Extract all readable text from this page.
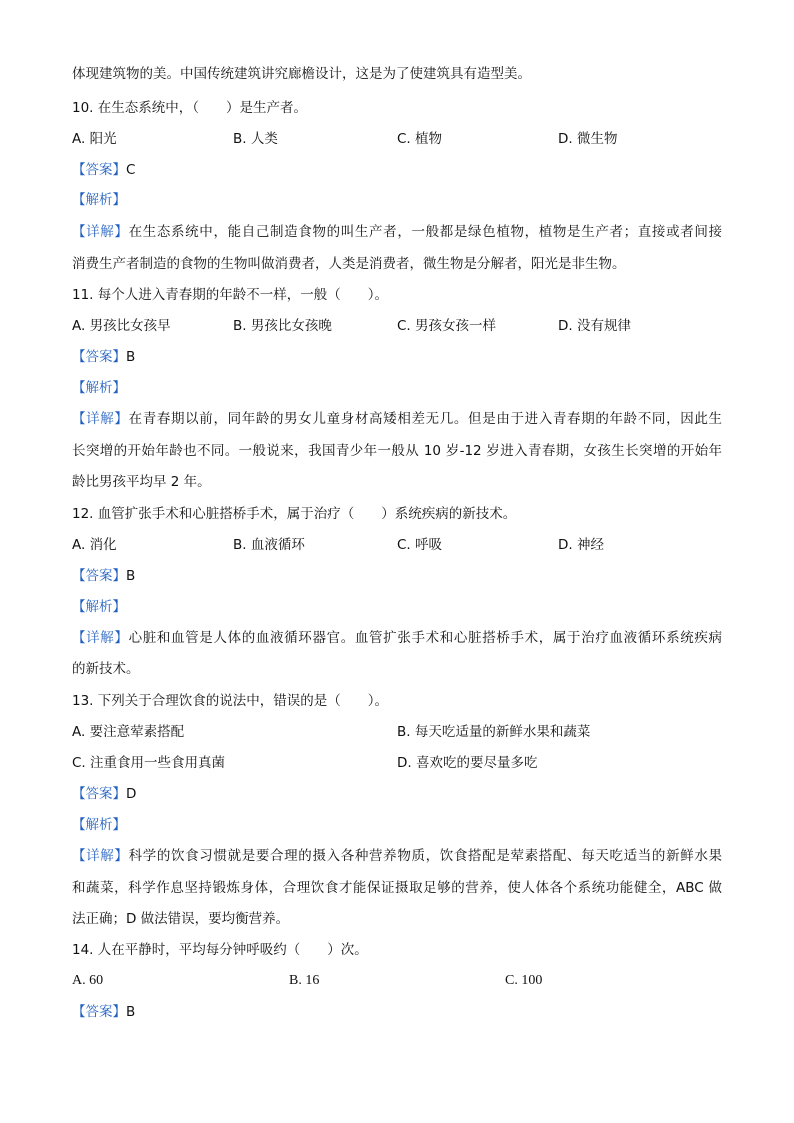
体现建筑物的美。中国传统建筑讲究廊檐设计，这是为了使建筑具有造型美。
10. 在生态系统中，（　　）是生产者。
A. 阳光	B. 人类	C. 植物	D. 微生物
【答案】C
【解析】
【详解】在生态系统中，能自己制造食物的叫生产者，一般都是绿色植物，植物是生产者；直接或者间接
消费生产者制造的食物的生物叫做消费者，人类是消费者，微生物是分解者，阳光是非生物。
11. 每个人进入青春期的年龄不一样，一般（　　）。
A. 男孩比女孩早	B. 男孩比女孩晚	C. 男孩女孩一样	D. 没有规律
【答案】B
【解析】
【详解】在青春期以前，同年龄的男女儿童身材高矮相差无几。但是由于进入青春期的年龄不同，因此生
长突增的开始年龄也不同。一般说来，我国青少年一般从 10 岁-12 岁进入青春期，女孩生长突增的开始年
龄比男孩平均早 2 年。
12. 血管扩张手术和心脏搭桥手术，属于治疗（　　）系统疾病的新技术。
A. 消化	B. 血液循环	C. 呼吸	D. 神经
【答案】B
【解析】
【详解】心脏和血管是人体的血液循环器官。血管扩张手术和心脏搭桥手术，属于治疗血液循环系统疾病
的新技术。
13. 下列关于合理饮食的说法中，错误的是（　　）。
A. 要注意荤素搭配	B. 每天吃适量的新鲜水果和蔬菜
C. 注重食用一些食用真菌	D. 喜欢吃的要尽量多吃
【答案】D
【解析】
【详解】科学的饮食习惯就是要合理的摄入各种营养物质，饮食搭配是荤素搭配、每天吃适当的新鲜水果
和蔬菜，科学作息坚持锻炼身体，合理饮食才能保证摄取足够的营养，使人体各个系统功能健全，ABC 做
法正确；D 做法错误，要均衡营养。
14. 人在平静时，平均每分钟呼吸约（　　）次。
A. 60	B. 16	C. 100
【答案】B
